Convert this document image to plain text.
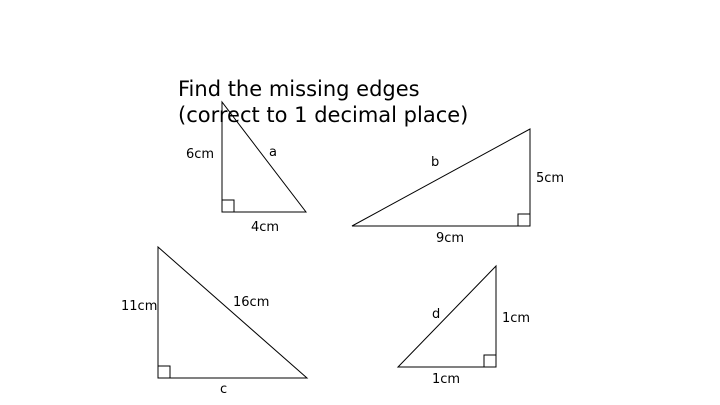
Find the missing edges
(correct to 1 decimal place)
6cm
4cm
a
5cm
9cm
b
11cm
c
16cm
1cm
1cm
d
